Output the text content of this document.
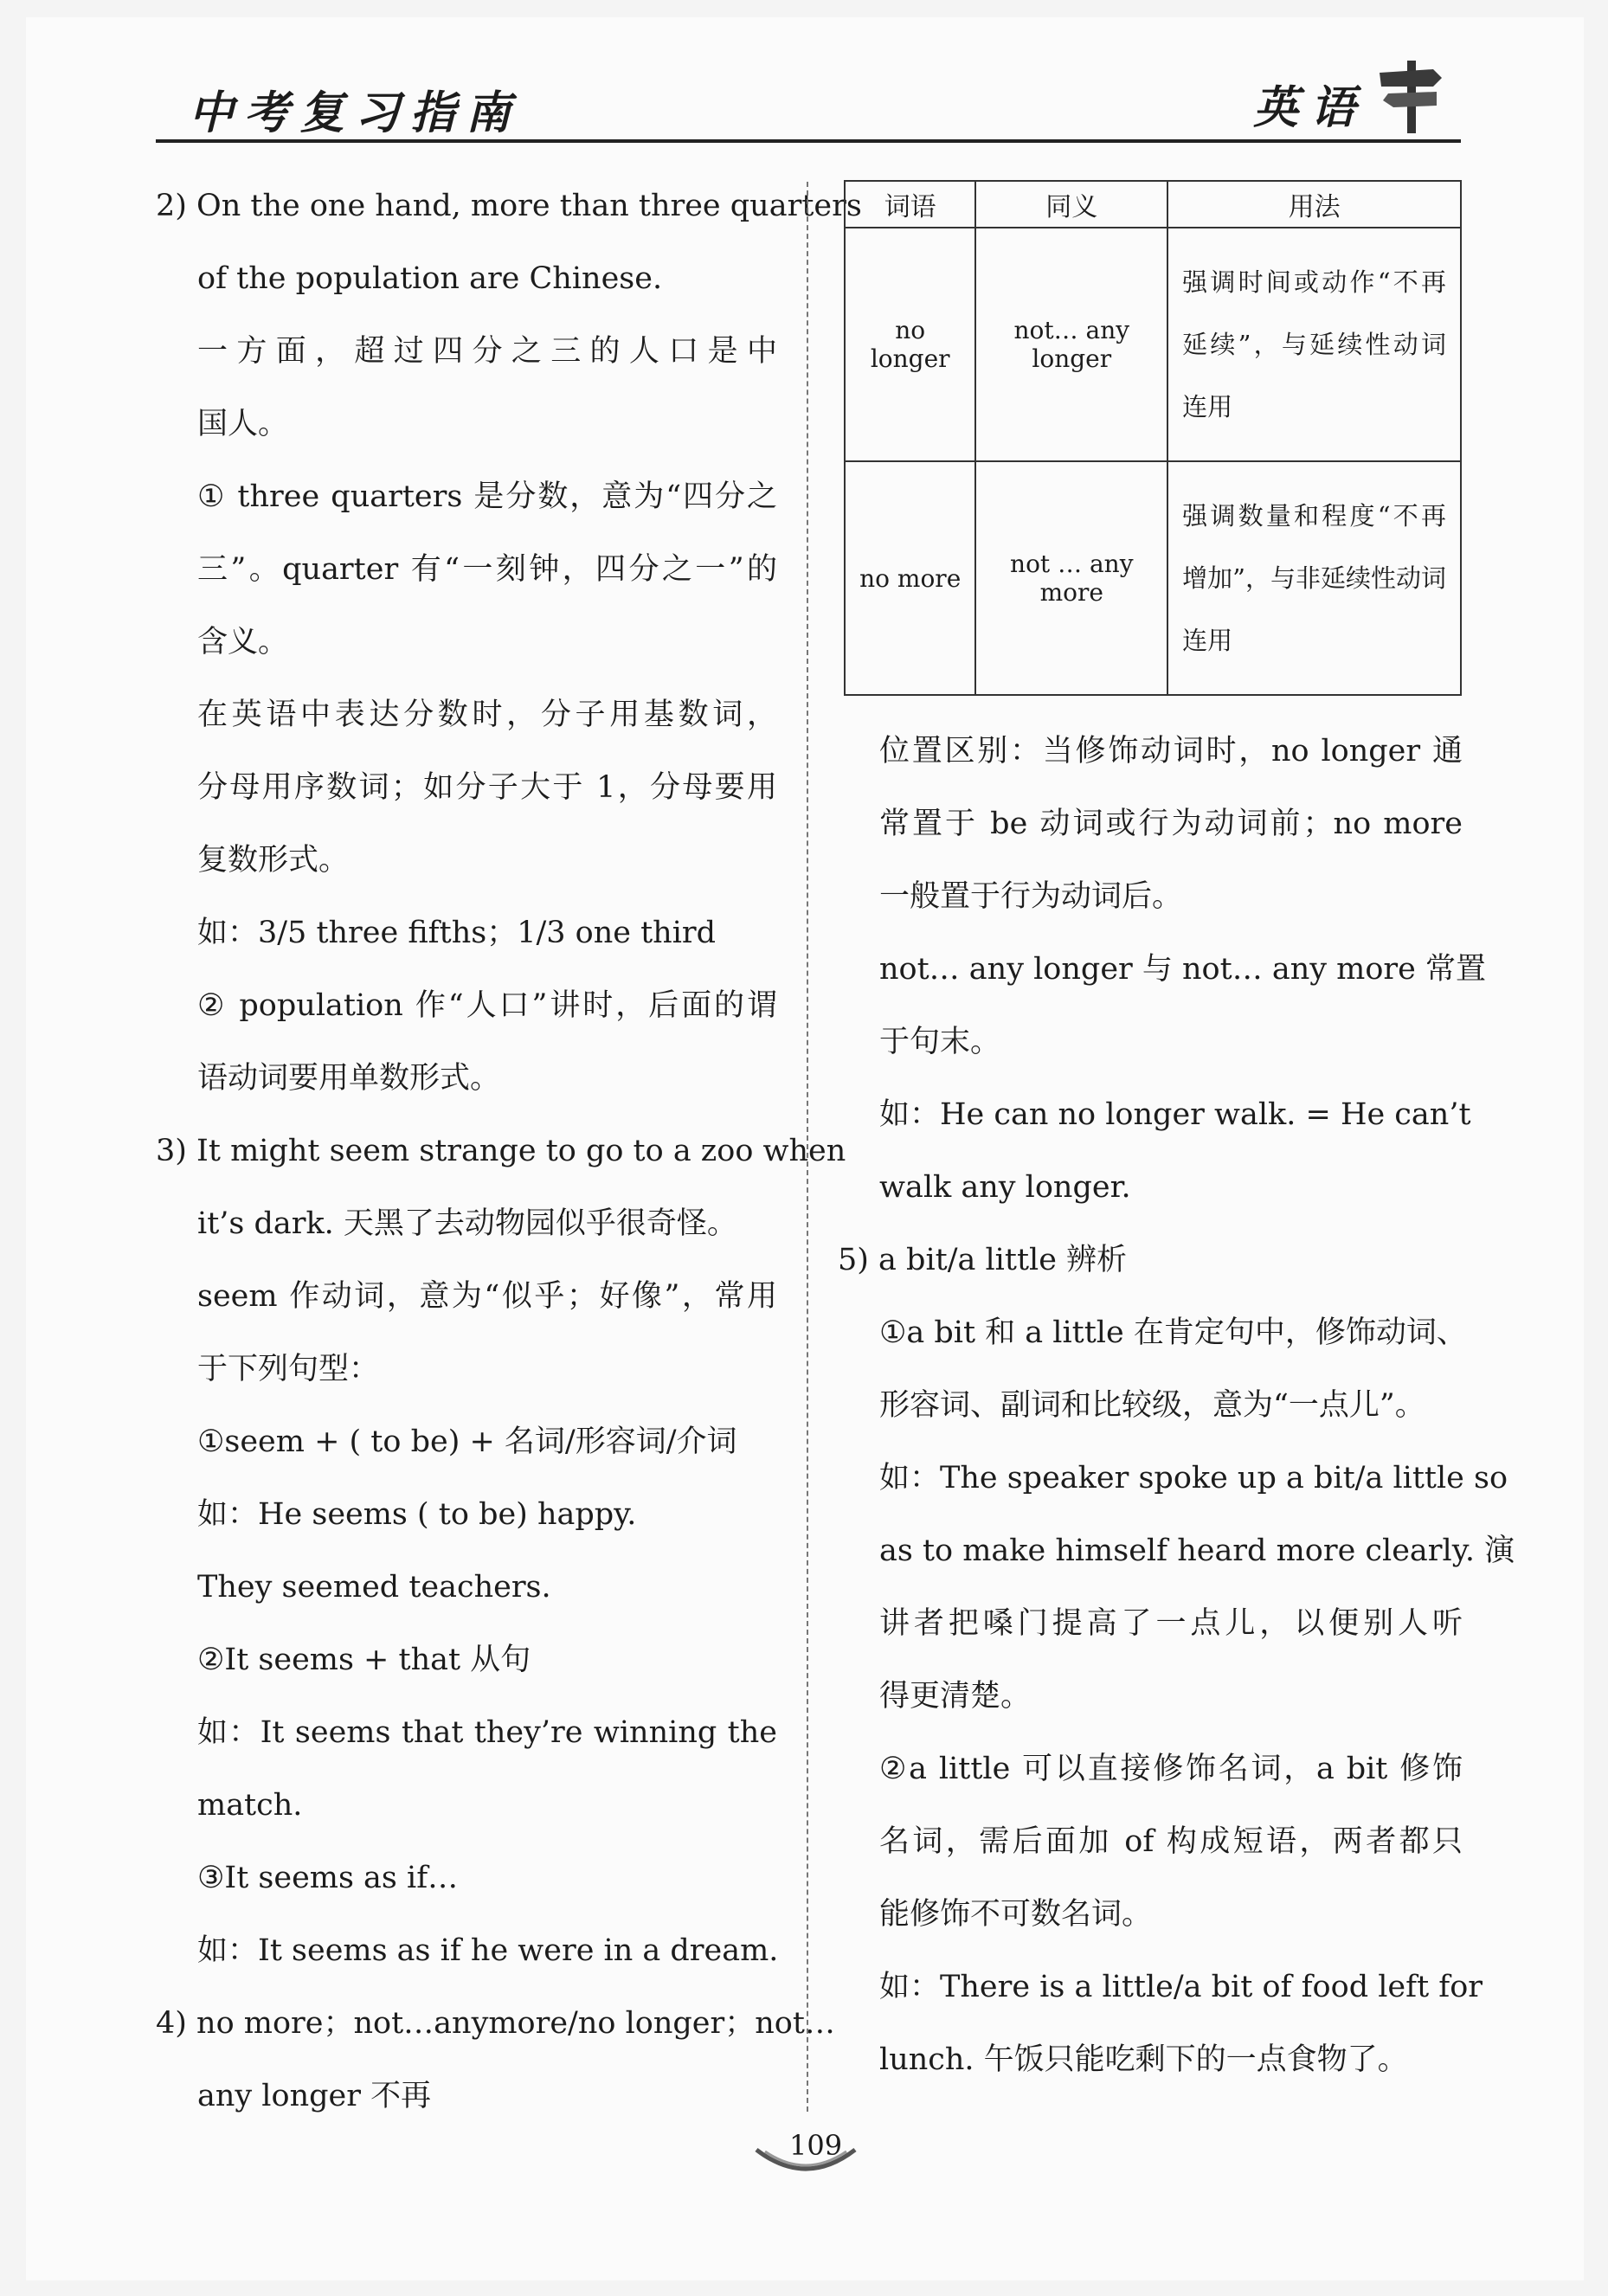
中考复习指南	英语

2) On the one hand, more than three quarters

of the population are Chinese.

一方面，超过四分之三的人口是中

国人。

① three quarters 是分数，意为“四分之

三”。quarter 有“一刻钟，四分之一”的

含义。

在英语中表达分数时，分子用基数词，

分母用序数词；如分子大于 1，分母要用

复数形式。

如：3/5 three fifths；1/3 one third

② population 作“人口”讲时，后面的谓

语动词要用单数形式。

3) It might seem strange to go to a zoo when

it’s dark. 天黑了去动物园似乎很奇怪。

seem 作动词，意为“似乎；好像”，常用

于下列句型：

①seem + ( to be) + 名词/形容词/介词

如：He seems ( to be) happy.

They seemed teachers.

②It seems + that 从句

如：It seems that they’re winning the

match.

③It seems as if…

如：It seems as if he were in a dream.

4) no more；not…anymore/no longer；not…

any longer 不再

词语	同义	用法
no longer	not… any longer	强调时间或动作“不再
延续”，与延续性动词
连用

no more	not … any more	强调数量和程度“不再
增加”，与非延续性动词
连用

位置区别：当修饰动词时，no longer 通

常置于 be 动词或行为动词前；no more

一般置于行为动词后。

not… any longer 与 not… any more 常置

于句末。

如：He can no longer walk. = He can’t

walk any longer.

5) a bit/a little 辨析

①a bit 和 a little 在肯定句中，修饰动词、

形容词、副词和比较级，意为“一点儿”。

如：The speaker spoke up a bit/a little so

as to make himself heard more clearly. 演

讲者把嗓门提高了一点儿，以便别人听

得更清楚。

②a little 可以直接修饰名词，a bit 修饰

名词，需后面加 of 构成短语，两者都只

能修饰不可数名词。

如：There is a little/a bit of food left for

lunch. 午饭只能吃剩下的一点食物了。

109
